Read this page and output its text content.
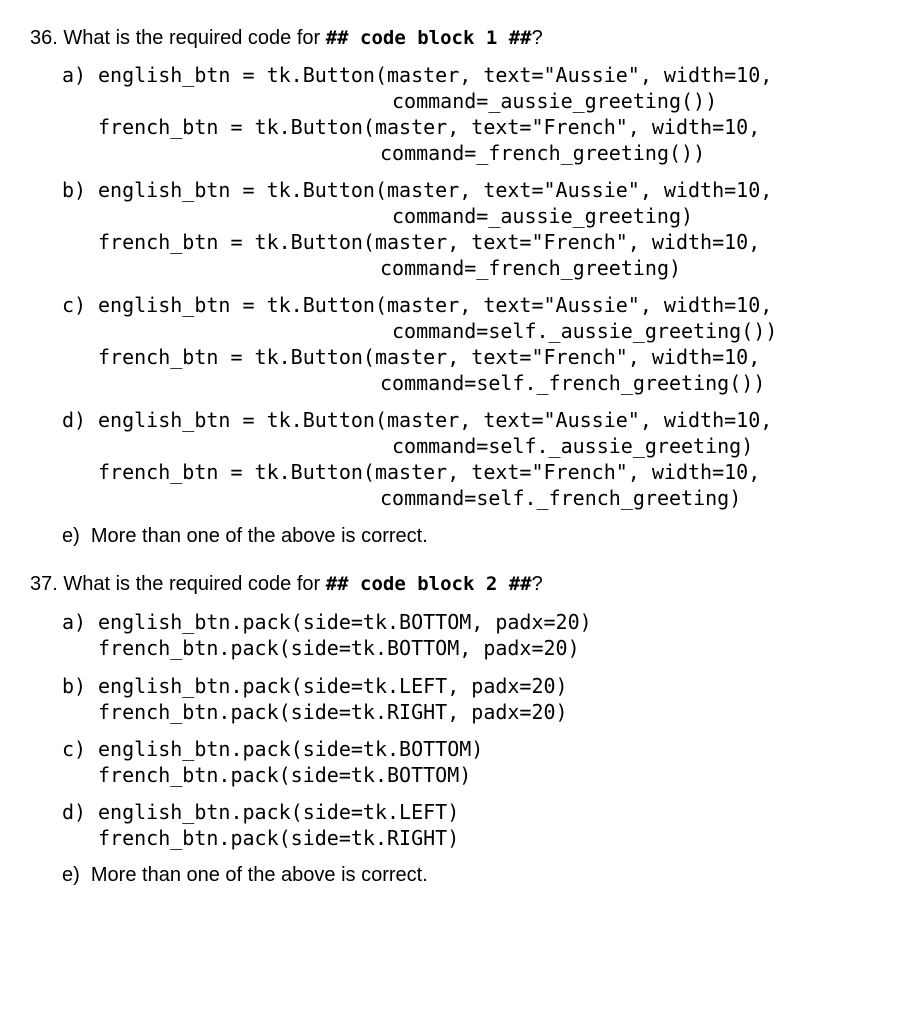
36. What is the required code for ## code block 1 ##?
a) english_btn = tk.Button(master, text="Aussie", width=10,
command=_aussie_greeting())
french_btn = tk.Button(master, text="French", width=10,
command=_french_greeting())
b) english_btn = tk.Button(master, text="Aussie", width=10,
command=_aussie_greeting)
french_btn = tk.Button(master, text="French", width=10,
command=_french_greeting)
c) english_btn = tk.Button(master, text="Aussie", width=10,
command=self._aussie_greeting())
french_btn = tk.Button(master, text="French", width=10,
command=self._french_greeting())
d) english_btn = tk.Button(master, text="Aussie", width=10,
command=self._aussie_greeting)
french_btn = tk.Button(master, text="French", width=10,
command=self._french_greeting)
e)  More than one of the above is correct.
37. What is the required code for ## code block 2 ##?
a) english_btn.pack(side=tk.BOTTOM, padx=20)
french_btn.pack(side=tk.BOTTOM, padx=20)
b) english_btn.pack(side=tk.LEFT, padx=20)
french_btn.pack(side=tk.RIGHT, padx=20)
c) english_btn.pack(side=tk.BOTTOM)
french_btn.pack(side=tk.BOTTOM)
d) english_btn.pack(side=tk.LEFT)
french_btn.pack(side=tk.RIGHT)
e)  More than one of the above is correct.
